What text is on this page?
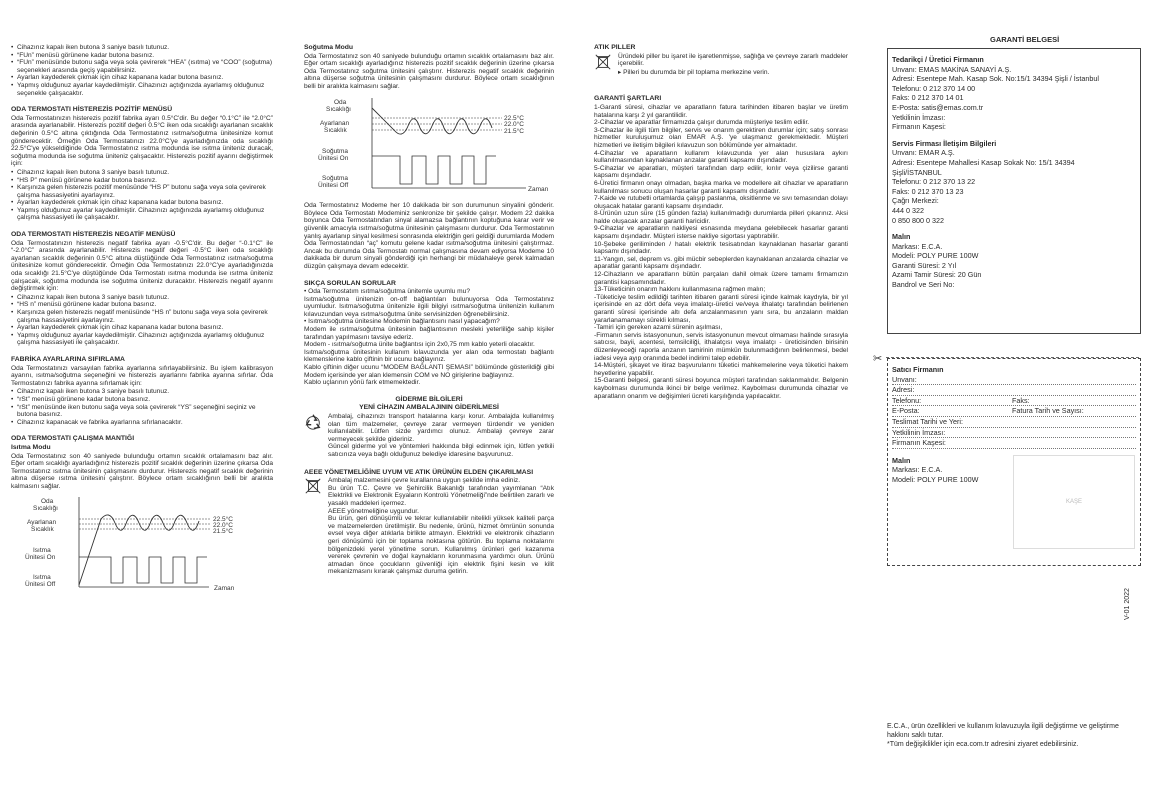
• Cihazınız kapalı iken butona 3 saniye basılı tutunuz.
• “FUn” menüsü görünene kadar butona basınız.
• “FUn” menüsünde butonu sağa veya sola çevirerek “HEA” (ısıtma) ve “COO” (soğutma) seçenekleri arasında geçiş yapabilirsiniz.
• Ayarları kaydederek çıkmak için cihaz kapanana kadar butona basınız.
• Yapmış olduğunuz ayarlar kaydedilmiştir. Cihazınızı açtığınızda ayarlamış olduğunuz seçenekle çalışacaktır.
ODA TERMOSTATI HİSTEREZİS POZİTİF MENÜSÜ

Oda Termostatınızın histerezis pozitif fabrika ayarı 0.5°C'dir. Bu değer “0.1°C” ile “2.0°C” arasında ayarlanabilir. Histerezis pozitif değeri 0.5°C iken oda sıcaklığı ayarlanan sıcaklık değerinin 0.5°C altına çıktığında Oda Termostatınız ısıtma/soğutma ünitesinize komut gönderecektir. Örneğin Oda Termostatınızı 22.0°C'ye ayarladığınızda oda sıcaklığı 22.5°C'ye yükseldiğinde Oda Termostatınız ısıtma modunda ise ısıtma üniteniz duracak, soğutma modunda ise soğutma üniteniz çalışacaktır. Histerezis pozitif ayarını değiştirmek için:

• Cihazınız kapalı iken butona 3 saniye basılı tutunuz.
• “HS P” menüsü görünene kadar butona basınız.
• Karşınıza gelen histerezis pozitif menüsünde “HS P” butonu sağa veya sola çevirerek çalışma hassasiyetini ayarlayınız.
• Ayarları kaydederek çıkmak için cihaz kapanana kadar butona basınız.
• Yapmış olduğunuz ayarlar kaydedilmiştir. Cihazınızı açtığınızda ayarlamış olduğunuz çalışma hassasiyeti ile çalışacaktır.
ODA TERMOSTATI HİSTEREZİS NEGATİF MENÜSÜ

Oda Termostatınızın histerezis negatif fabrika ayarı -0.5°C'dir. Bu değer “-0.1°C” ile “-2.0°C” arasında ayarlanabilir. Histerezis negatif değeri -0.5°C iken oda sıcaklığı ayarlanan sıcaklık değerinin 0.5°C altına düştüğünde Oda Termostatınız ısıtma/soğutma ünitesinize komut gönderecektir. Örneğin Oda Termostatınızı 22.0°C'ye ayarladığınızda oda sıcaklığı 21.5°C'ye düştüğünde Oda Termostatı ısıtma modunda ise ısıtma üniteniz çalışacak, soğutma modunda ise soğutma üniteniz duracaktır. Histerezis negatif ayarını değiştirmek için:

• Cihazınız kapalı iken butona 3 saniye basılı tutunuz.
• “HS n” menüsü görünene kadar butona basınız.
• Karşınıza gelen histerezis negatif menüsünde “HS n” butonu sağa veya sola çevirerek çalışma hassasiyetini ayarlayınız.
• Ayarları kaydederek çıkmak için cihaz kapanana kadar butona basınız.
• Yapmış olduğunuz ayarlar kaydedilmiştir. Cihazınızı açtığınızda ayarlamış olduğunuz çalışma hassasiyeti ile çalışacaktır.
FABRİKA AYARLARINA SIFIRLAMA

Oda Termostatınızı varsayılan fabrika ayarlarına sıfırlayabilirsiniz. Bu işlem kalibrasyon ayarını, ısıtma/soğutma seçeneğini ve histerezis ayarlarını fabrika ayarına sıfırlar. Oda Termostatınızı fabrika ayarına sıfırlamak için:

• Cihazınız kapalı iken butona 3 saniye basılı tutunuz.
• “rSt” menüsü görünene kadar butona basınız.
• “rSt” menüsünde iken butonu sağa veya sola çevirerek “YS” seçeneğini seçiniz ve butona basınız.
• Cihazınız kapanacak ve fabrika ayarlarına sıfırlanacaktır.
ODA TERMOSTATI ÇALIŞMA MANTIĞI
Isıtma Modu

Oda Termostatınız son 40 saniyede bulunduğu ortamın sıcaklık ortalamasını baz alır. Eğer ortam sıcaklığı ayarladığınız histerezis pozitif sıcaklık değerinin üzerine çıkarsa Oda Termostatınız ısıtma ünitesinin çalışmasını durdurur. Histerezis negatif sıcaklık değerinin altına düşerse ısıtma ünitesini çalıştırır. Böylece ortam sıcaklığının belli bir aralıkta kalmasını sağlar.

Oda
Sıcaklığı
Ayarlanan
Sıcaklık
Isıtma
Ünitesi On
Isıtma
Ünitesi Off
22.5°C
22.0°C
21.5°C
Zaman
Soğutma Modu

Oda Termostatınız son 40 saniyede bulunduğu ortamın sıcaklık ortalamasını baz alır. Eğer ortam sıcaklığı ayarladığınız histerezis pozitif sıcaklık değerinin üzerine çıkarsa Oda Termostatınız soğutma ünitesini çalıştırır. Histerezis negatif sıcaklık değerinin altına düşerse soğutma ünitesinin çalışmasını durdurur. Böylece ortam sıcaklığının belli bir aralıkta kalmasını sağlar.

Oda
Sıcaklığı
Ayarlanan
Sıcaklık
Soğutma
Ünitesi On
Soğutma
Ünitesi Off
22.5°C
22.0°C
21.5°C
Zaman

Oda Termostatınız Modeme her 10 dakikada bir son durumunun sinyalini gönderir. Böylece Oda Termostatı Modeminiz senkronize bir şekilde çalışır. Modem 22 dakika boyunca Oda Termostatından sinyal alamazsa bağlantının koptuğuna karar verir ve güvenlik amacıyla ısıtma/soğutma ünitesinin çalışmasını durdurur. Oda Termostatının yanlış ayarlanıp sinyal kesilmesi sonrasında elektriğin geri geldiği durumlarda Modem Oda Termostatından “aç” komutu gelene kadar ısıtma/soğutma ünitesini çalıştırmaz. Ancak bu durumda Oda Termostatı normal çalışmasına devam ediyorsa Modeme 10 dakikada bir durum sinyali gönderdiği için herhangi bir müdahaleye gerek kalmadan düzgün çalışmaya devam edecektir.

SIKÇA SORULAN SORULAR

• Oda Termostatım ısıtma/soğutma ünitemle uyumlu mu?
Isıtma/soğutma ünitenizin on-off bağlantıları bulunuyorsa Oda Termostatınız uyumludur. Isıtma/soğutma ünitenizle ilgili bilgiyi ısıtma/soğutma ünitenizin kullanım kılavuzundan veya ısıtma/soğutma ünite servisinizden öğrenebilirsiniz.
• Isıtma/soğutma ünitesine Modemin bağlantısını nasıl yapacağım?
Modem ile ısıtma/soğutma ünitesinin bağlantısının mesleki yeterliliğe sahip kişiler tarafından yapılmasını tavsiye ederiz.
Modem - ısıtma/soğutma ünite bağlantısı için 2x0,75 mm kablo yeterli olacaktır.
Isıtma/soğutma ünitesinin kullanım kılavuzunda yer alan oda termostatı bağlantı klemenslerine kablo çiftinin bir ucunu bağlayınız.
Kablo çiftinin diğer ucunu “MODEM BAĞLANTI ŞEMASI” bölümünde gösterildiği gibi Modem içerisinde yer alan klemensin COM ve NO girişlerine bağlayınız.
Kablo uçlarının yönü fark etmemektedir.

GİDERME BİLGİLERİ
YENİ CİHAZIN AMBALAJININ GİDERİLMESİ

Ambalaj, cihazınızı transport hatalarına karşı korur. Ambalajda kullanılmış olan tüm malzemeler, çevreye zarar vermeyen türdendir ve yeniden kullanılabilir. Lütfen sizde yardımcı olunuz. Ambalajı çevreye zarar vermeyecek şekilde gideriniz.
Güncel giderme yol ve yöntemleri hakkında bilgi edinmek için, lütfen yetkili satıcınıza veya bağlı olduğunuz belediye idaresine başvurunuz.

AEEE YÖNETMELİĞİNE UYUM VE ATIK ÜRÜNÜN ELDEN ÇIKARILMASI

Ambalaj malzemesini çevre kurallarına uygun şekilde imha ediniz.
Bu ürün T.C. Çevre ve Şehircilik Bakanlığı tarafından yayımlanan “Atık Elektrikli ve Elektronik Eşyaların Kontrolü Yönetmeliği”nde belirtilen zararlı ve yasaklı maddeleri içermez.
AEEE yönetmeliğine uygundur.
Bu ürün, geri dönüşümlü ve tekrar kullanılabilir nitelikli yüksek kaliteli parça ve malzemelerden üretilmiştir. Bu nedenle, ürünü, hizmet ömrünün sonunda evsel veya diğer atıklarla birlikte atmayın. Elektrikli ve elektronik cihazların geri dönüşümü için bir toplama noktasına götürün. Bu toplama noktalarını bölgenizdeki yerel yönetime sorun. Kullanılmış ürünleri geri kazanıma vererek çevrenin ve doğal kaynakların korunmasına yardımcı olun. Ürünü atmadan önce çocukların güvenliği için elektrik fişini kesin ve kilit mekanizmasını kırarak çalışmaz duruma getirin.

ATIK PİLLER

Üründeki piller bu işaret ile işaretlenmişse, sağlığa ve çevreye zararlı maddeler içerebilir.

▸ Pilleri bu durumda bir pil toplama merkezine verin.

GARANTİ ŞARTLARI

1-Garanti süresi, cihazlar ve aparatların fatura tarihinden itibaren başlar ve üretim hatalarına karşı 2 yıl garantilidir.
2-Cihazlar ve aparatlar firmamızda çalışır durumda müşteriye teslim edilir.
3-Cihazlar ile ilgili tüm bilgiler, servis ve onarım gerektiren durumlar için; satış sonrası hizmetler kuruluşumuz olan EMAR A.Ş. 'ye ulaşmanız gerekmektedir. Müşteri hizmetleri ve iletişim bilgileri kılavuzun son bölümünde yer almaktadır.
4-Cihazlar ve aparatların kullanım kılavuzunda yer alan hususlara aykırı kullanılmasından kaynaklanan arızalar garanti kapsamı dışındadır.
5-Cihazlar ve aparatları, müşteri tarafından darp edilir, kırılır veya çizilirse garanti kapsamı dışındadır.
6-Üretici firmanın onayı olmadan, başka marka ve modellere ait cihazlar ve aparatların kullanılması sonucu oluşan hasarlar garanti kapsamı dışındadır.
7-Kaide ve rutubetli ortamlarda çalışıp paslanma, oksitlenme ve sıvı temasından dolayı oluşacak hatalar garanti kapsamı dışındadır.
8-Ürünün uzun süre (15 günden fazla) kullanılmadığı durumlarda pilleri çıkarınız. Aksi halde oluşacak arızalar garanti haricidir.
9-Cihazlar ve aparatların nakliyesi esnasında meydana gelebilecek hasarlar garanti kapsamı dışındadır. Müşteri isterse nakliye sigortası yaptırabilir.
10-Şebeke geriliminden / hatalı elektrik tesisatından kaynaklanan hasarlar garanti kapsamı dışındadır.
11-Yangın, sel, deprem vs. gibi mücbir sebeplerden kaynaklanan arızalarda cihazlar ve aparatlar garanti kapsamı dışındadır.
12-Cihazların ve aparatların bütün parçaları dahil olmak üzere tamamı firmamızın garantisi kapsamındadır.
13-Tüketicinin onarım hakkını kullanmasına rağmen malın;
-Tüketiciye teslim edildiği tarihten itibaren garanti süresi içinde kalmak kaydıyla, bir yıl içerisinde en az dört defa veya imalatçı-üretici ve/veya ithalatçı tarafından belirlenen garanti süresi içerisinde altı defa arızalanmasının yanı sıra, bu arızaların maldan yararlanamamayı sürekli kılması,
-Tamiri için gereken azami sürenin aşılması,
-Firmanın servis istasyonunun, servis istasyonunun mevcut olmaması halinde sırasıyla satıcısı, bayii, acentesi, temsilciliği, ithalatçısı veya imalatçı - üreticisinden birisinin düzenleyeceği raporla arızanın tamirinin mümkün bulunmadığının belirlenmesi, bedel iadesi veya ayıp oranında bedel indirimi talep edebilir.
14-Müşteri, şikayet ve itiraz başvurularını tüketici mahkemelerine veya tüketici hakem heyetlerine yapabilir.
15-Garanti belgesi, garanti süresi boyunca müşteri tarafından saklanmalıdır. Belgenin kaybolması durumunda ikinci bir belge verilmez. Kaybolması durumunda cihazlar ve aparatların onarım ve değişimleri ücreti karşılığında yapılacaktır.

GARANTİ BELGESİ
Tedarikçi / Üretici Firmanın
Unvanı: EMAS MAKİNA SANAYİ A.Ş.
Adresi: Esentepe Mah. Kasap Sok. No:15/1 34394 Şişli / İstanbul
Telefonu: 0 212 370 14 00
Faks: 0 212 370 14 01
E-Posta: satis@emas.com.tr
Yetkilinin İmzası:
Firmanın Kaşesi:
Servis Firması İletişim Bilgileri
Unvanı: EMAR A.Ş.
Adresi: Esentepe Mahallesi Kasap Sokak No: 15/1 34394
Şişli/İSTANBUL
Telefonu: 0 212 370 13 22
Faks: 0 212 370 13 23
Çağrı Merkezi:
444 0 322
0 850 800 0 322
Malın
Markası: E.C.A.
Modeli: POLY PURE 100W
Garanti Süresi: 2 Yıl
Azami Tamir Süresi: 20 Gün
Bandrol ve Seri No:
✂
Satıcı Firmanın
Unvanı:
Adresi:
Telefonu:	Faks:
E-Posta:	Fatura Tarih ve Sayısı:
Teslimat Tarihi ve Yeri:
Yetkilinin İmzası:
Firmanın Kaşesi:
Malın
Markası: E.C.A.
Modeli: POLY PURE 100W
KAŞE
V-01 2022
E.C.A., ürün özellikleri ve kullanım kılavuzuyla ilgili değiştirme ve geliştirme hakkını saklı tutar.
*Tüm değişiklikler için eca.com.tr adresini ziyaret edebilirsiniz.
